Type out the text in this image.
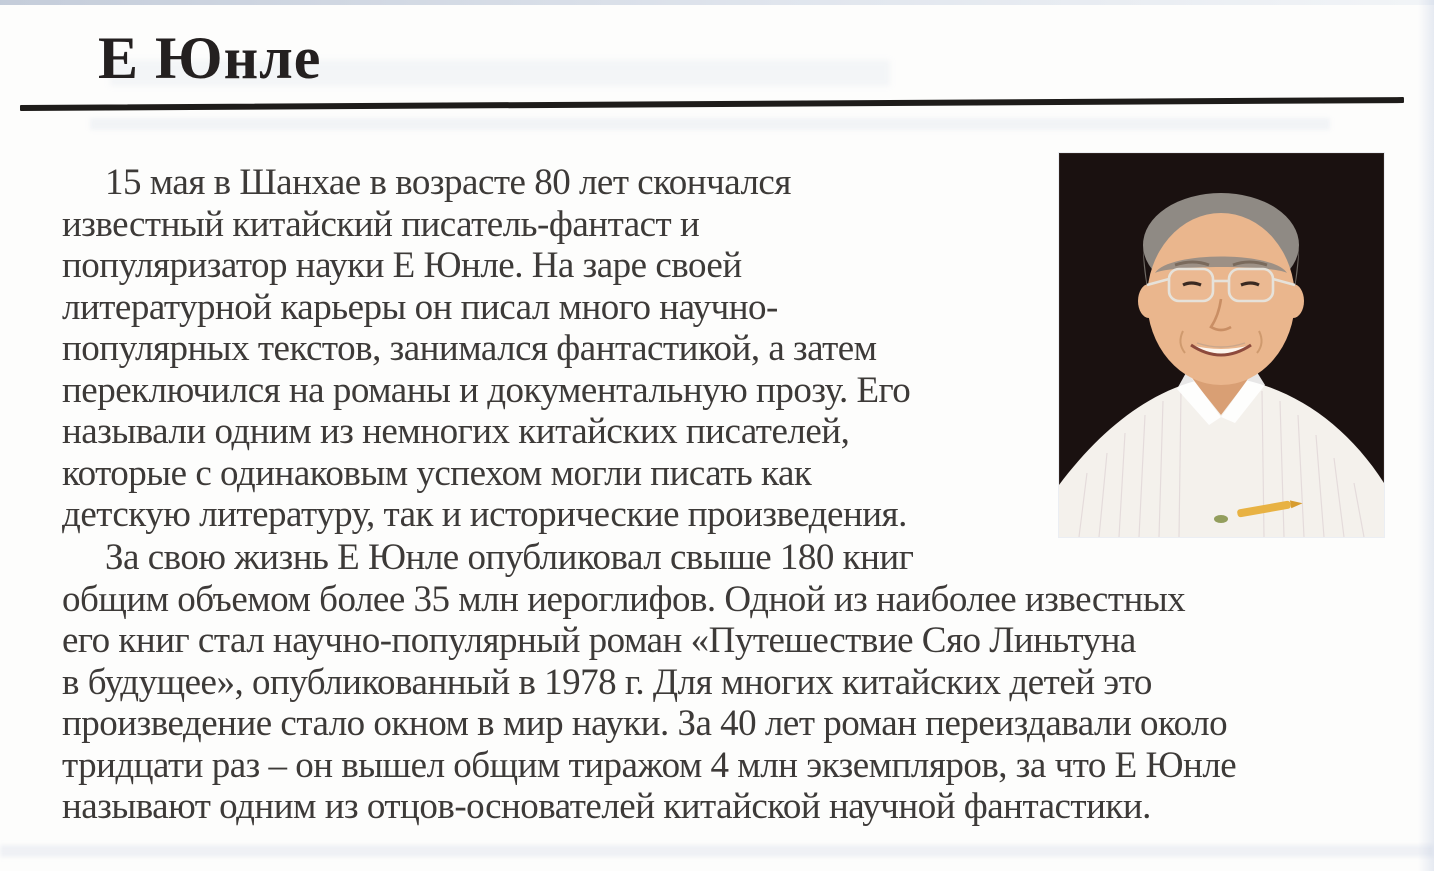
Е Юнле
15 мая в Шанхае в возрасте 80 лет скончался
известный китайский писатель-фантаст и
популяризатор науки Е Юнле. На заре своей
литературной карьеры он писал много научно-
популярных текстов, занимался фантастикой, а затем
переключился на романы и документальную прозу. Его
называли одним из немногих китайских писателей,
которые с одинаковым успехом могли писать как
детскую литературу, так и исторические произведения.
За свою жизнь Е Юнле опубликовал свыше 180 книг
общим объемом более 35 млн иероглифов. Одной из наиболее известных
его книг стал научно-популярный роман «Путешествие Сяо Линьтуна
в будущее», опубликованный в 1978 г. Для многих китайских детей это
произведение стало окном в мир науки. За 40 лет роман переиздавали около
тридцати раз – он вышел общим тиражом 4 млн экземпляров, за что Е Юнле
называют одним из отцов-основателей китайской научной фантастики.
